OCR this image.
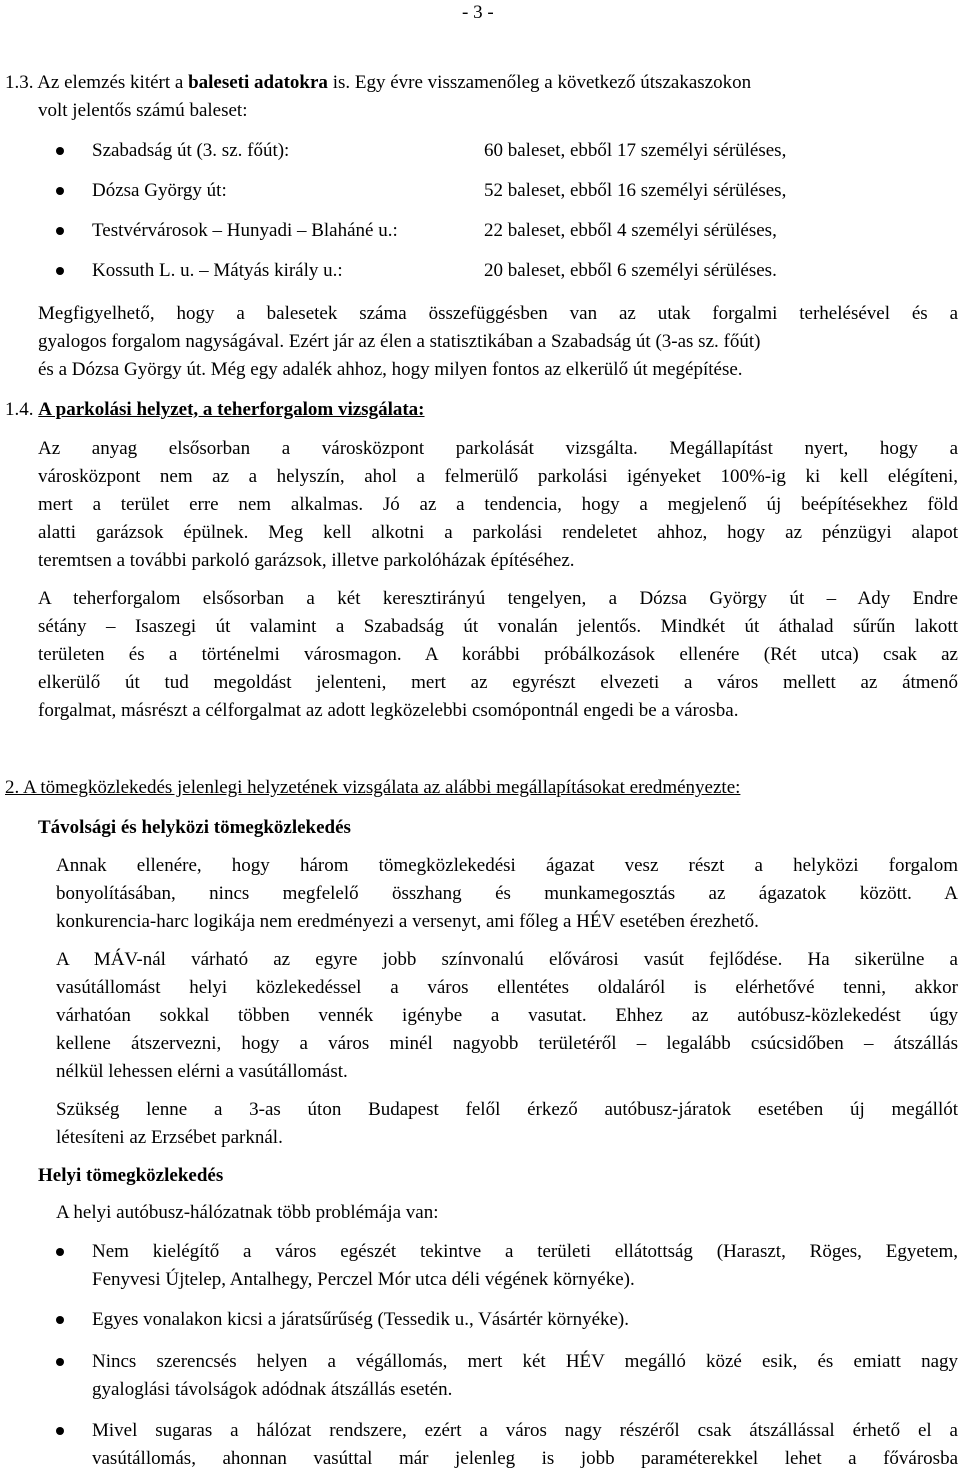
- 3 -
1.3. Az elemzés kitért a baleseti adatokra is. Egy évre visszamenőleg a következő útszakaszokon
volt jelentős számú baleset:
Szabadság út (3. sz. főút):	60 baleset, ebből 17 személyi sérüléses,
Dózsa György út:	52 baleset, ebből 16 személyi sérüléses,
Testvérvárosok – Hunyadi – Blaháné u.:	22 baleset, ebből 4 személyi sérüléses,
Kossuth L. u. – Mátyás király u.:	20 baleset, ebből 6 személyi sérüléses.
Megfigyelhető, hogy a balesetek száma összefüggésben van az utak forgalmi terhelésével és a
gyalogos forgalom nagyságával. Ezért jár az élen a statisztikában a Szabadság út (3-as sz. főút)
és a Dózsa György út. Még egy adalék ahhoz, hogy milyen fontos az elkerülő út megépítése.
1.4. A parkolási helyzet, a teherforgalom vizsgálata:
Az anyag elsősorban a városközpont parkolását vizsgálta. Megállapítást nyert, hogy a
városközpont nem az a helyszín, ahol a felmerülő parkolási igényeket 100%-ig ki kell elégíteni,
mert a terület erre nem alkalmas. Jó az a tendencia, hogy a megjelenő új beépítésekhez föld
alatti garázsok épülnek. Meg kell alkotni a parkolási rendeletet ahhoz, hogy az pénzügyi alapot
teremtsen a további parkoló garázsok, illetve parkolóházak építéséhez.
A teherforgalom elsősorban a két keresztirányú tengelyen, a Dózsa György út – Ady Endre
sétány – Isaszegi út valamint a Szabadság út vonalán jelentős. Mindkét út áthalad sűrűn lakott
területen és a történelmi városmagon. A korábbi próbálkozások ellenére (Rét utca) csak az
elkerülő út tud megoldást jelenteni, mert az egyrészt elvezeti a város mellett az átmenő
forgalmat, másrészt a célforgalmat az adott legközelebbi csomópontnál engedi be a városba.
2. A tömegközlekedés jelenlegi helyzetének vizsgálata az alábbi megállapításokat eredményezte:
Távolsági és helyközi tömegközlekedés
Annak ellenére, hogy három tömegközlekedési ágazat vesz részt a helyközi forgalom
bonyolításában, nincs megfelelő összhang és munkamegosztás az ágazatok között. A
konkurencia-harc logikája nem eredményezi a versenyt, ami főleg a HÉV esetében érezhető.
A MÁV-nál várható az egyre jobb színvonalú elővárosi vasút fejlődése. Ha sikerülne a
vasútállomást helyi közlekedéssel a város ellentétes oldaláról is elérhetővé tenni, akkor
várhatóan sokkal többen vennék igénybe a vasutat. Ehhez az autóbusz-közlekedést úgy
kellene átszervezni, hogy a város minél nagyobb területéről – legalább csúcsidőben – átszállás
nélkül lehessen elérni a vasútállomást.
Szükség lenne a 3-as úton Budapest felől érkező autóbusz-járatok esetében új megállót
létesíteni az Erzsébet parknál.
Helyi tömegközlekedés
A helyi autóbusz-hálózatnak több problémája van:
Nem kielégítő a város egészét tekintve a területi ellátottság (Haraszt, Röges, Egyetem,
Fenyvesi Újtelep, Antalhegy, Perczel Mór utca déli végének környéke).
Egyes vonalakon kicsi a járatsűrűség (Tessedik u., Vásártér környéke).
Nincs szerencsés helyen a végállomás, mert két HÉV megálló közé esik, és emiatt nagy
gyaloglási távolságok adódnak átszállás esetén.
Mivel sugaras a hálózat rendszere, ezért a város nagy részéről csak átszállással érhető el a
vasútállomás, ahonnan vasúttal már jelenleg is jobb paraméterekkel lehet a fővárosba
